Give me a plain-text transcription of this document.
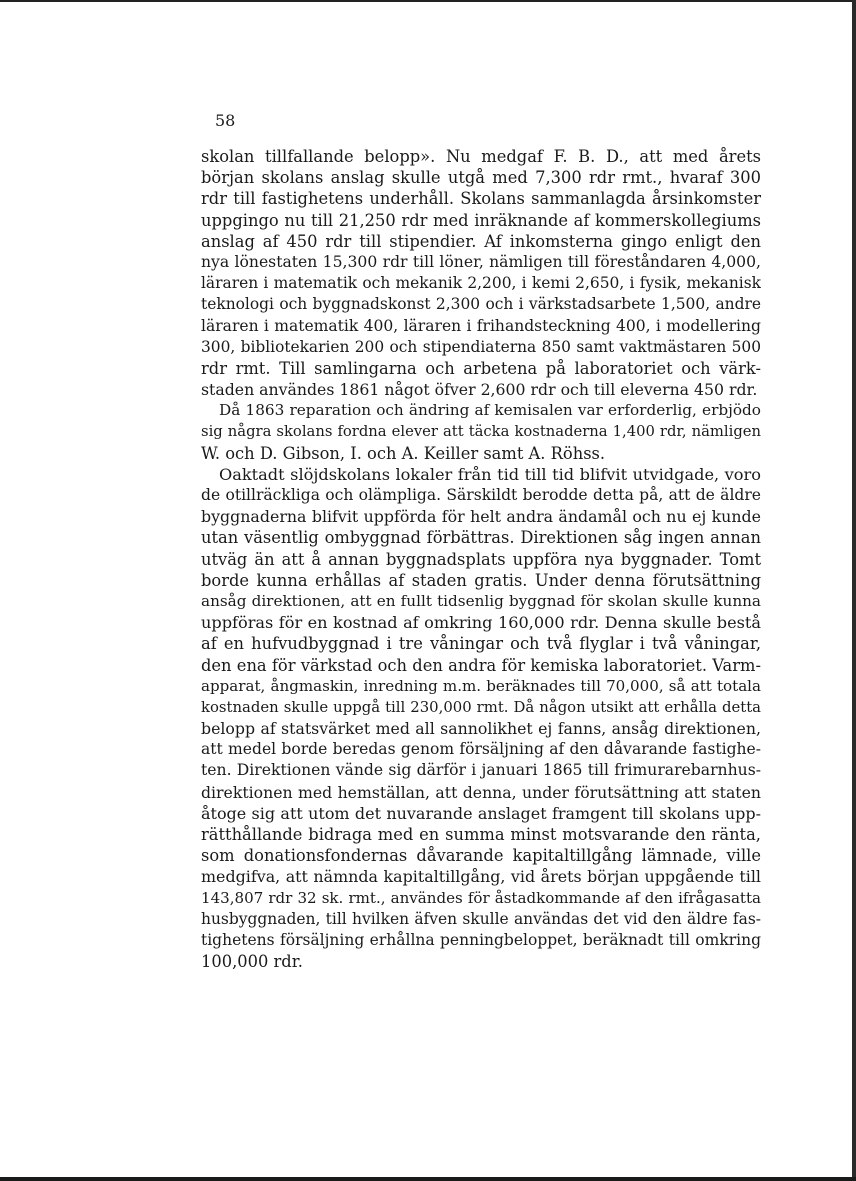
58
skolan tillfallande belopp». Nu medgaf F. B. D., att med årets
början skolans anslag skulle utgå med 7,300 rdr rmt., hvaraf 300
rdr till fastighetens underhåll. Skolans sammanlagda årsinkomster
uppgingo nu till 21,250 rdr med inräknande af kommerskollegiums
anslag af 450 rdr till stipendier. Af inkomsterna gingo enligt den
nya lönestaten 15,300 rdr till löner, nämligen till föreståndaren 4,000,
läraren i matematik och mekanik 2,200, i kemi 2,650, i fysik, mekanisk
teknologi och byggnadskonst 2,300 och i värkstadsarbete 1,500, andre
läraren i matematik 400, läraren i frihandsteckning 400, i modellering
300, bibliotekarien 200 och stipendiaterna 850 samt vaktmästaren 500
rdr rmt. Till samlingarna och arbetena på laboratoriet och värk-
staden användes 1861 något öfver 2,600 rdr och till eleverna 450 rdr.
Då 1863 reparation och ändring af kemisalen var erforderlig, erbjödo
sig några skolans fordna elever att täcka kostnaderna 1,400 rdr, nämligen
W. och D. Gibson, I. och A. Keiller samt A. Röhss.
Oaktadt slöjdskolans lokaler från tid till tid blifvit utvidgade, voro
de otillräckliga och olämpliga. Särskildt berodde detta på, att de äldre
byggnaderna blifvit uppförda för helt andra ändamål och nu ej kunde
utan väsentlig ombyggnad förbättras. Direktionen såg ingen annan
utväg än att å annan byggnadsplats uppföra nya byggnader. Tomt
borde kunna erhållas af staden gratis. Under denna förutsättning
ansåg direktionen, att en fullt tidsenlig byggnad för skolan skulle kunna
uppföras för en kostnad af omkring 160,000 rdr. Denna skulle bestå
af en hufvudbyggnad i tre våningar och två flyglar i två våningar,
den ena för värkstad och den andra för kemiska laboratoriet. Varm-
apparat, ångmaskin, inredning m.m. beräknades till 70,000, så att totala
kostnaden skulle uppgå till 230,000 rmt. Då någon utsikt att erhålla detta
belopp af statsvärket med all sannolikhet ej fanns, ansåg direktionen,
att medel borde beredas genom försäljning af den dåvarande fastighe-
ten. Direktionen vände sig därför i januari 1865 till frimurarebarnhus-
direktionen med hemställan, att denna, under förutsättning att staten
åtoge sig att utom det nuvarande anslaget framgent till skolans upp-
rätthållande bidraga med en summa minst motsvarande den ränta,
som donationsfondernas dåvarande kapitaltillgång lämnade, ville
medgifva, att nämnda kapitaltillgång, vid årets början uppgående till
143,807 rdr 32 sk. rmt., användes för åstadkommande af den ifrågasatta
husbyggnaden, till hvilken äfven skulle användas det vid den äldre fas-
tighetens försäljning erhållna penningbeloppet, beräknadt till omkring
100,000 rdr.
